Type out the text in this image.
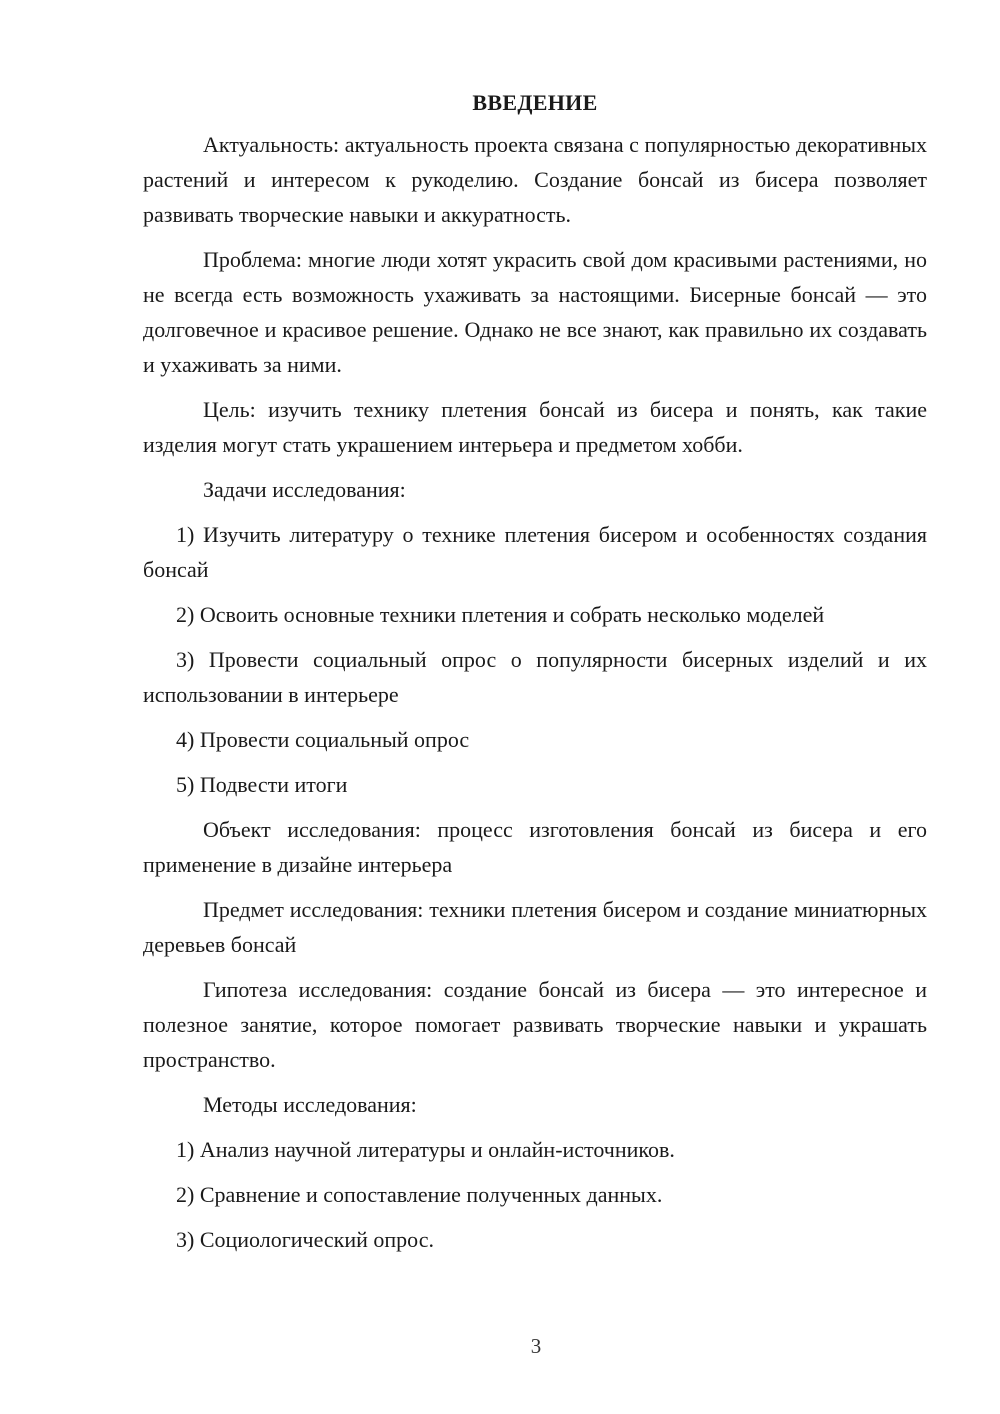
ВВЕДЕНИЕ

Актуальность: актуальность проекта связана с популярностью декоративных растений и интересом к рукоделию. Создание бонсай из бисера позволяет развивать творческие навыки и аккуратность.

Проблема: многие люди хотят украсить свой дом красивыми растениями, но не всегда есть возможность ухаживать за настоящими. Бисерные бонсай — это долговечное и красивое решение. Однако не все знают, как правильно их создавать и ухаживать за ними.

Цель: изучить технику плетения бонсай из бисера и понять, как такие изделия могут стать украшением интерьера и предметом хобби.

Задачи исследования:

1) Изучить литературу о технике плетения бисером и особенностях создания бонсай

2) Освоить основные техники плетения и собрать несколько моделей

3) Провести социальный опрос о популярности бисерных изделий и их использовании в интерьере

4) Провести социальный опрос

5) Подвести итоги

Объект исследования: процесс изготовления бонсай из бисера и его применение в дизайне интерьера

Предмет исследования: техники плетения бисером и создание миниатюрных деревьев бонсай

Гипотеза исследования: создание бонсай из бисера — это интересное и полезное занятие, которое помогает развивать творческие навыки и украшать пространство.

Методы исследования:

1) Анализ научной литературы и онлайн-источников.

2) Сравнение и сопоставление полученных данных.

3) Социологический опрос.

3
